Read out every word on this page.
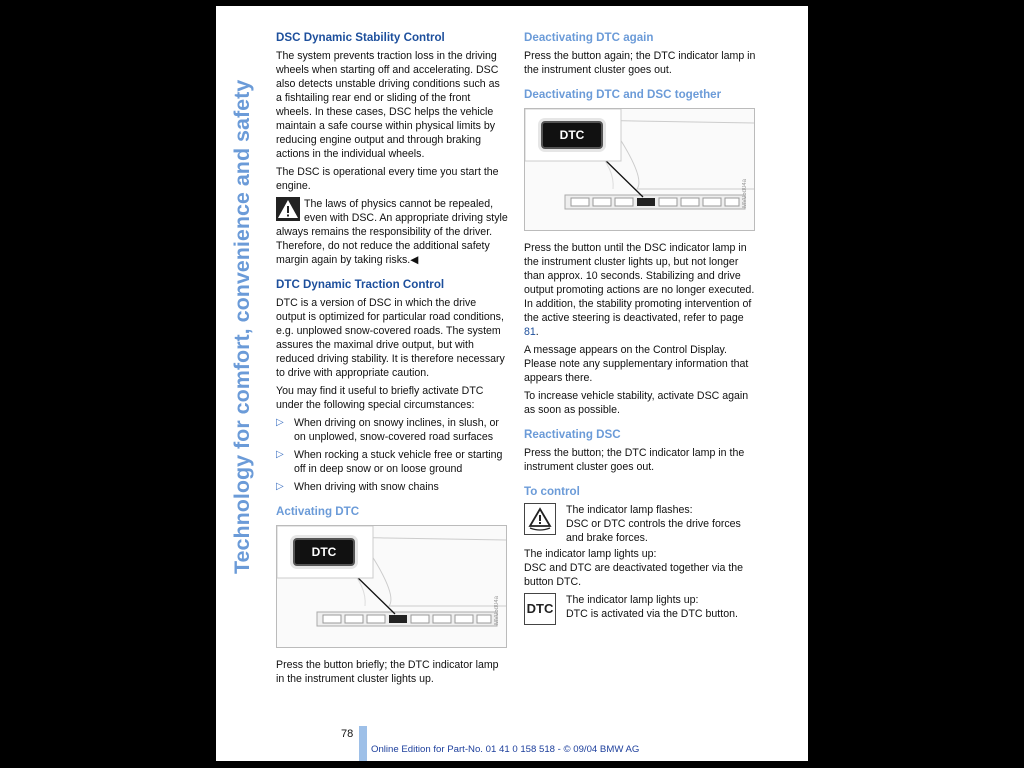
Technology for comfort, convenience and safety
DSC Dynamic Stability Control

The system prevents traction loss in the driving wheels when starting off and accelerating. DSC also detects unstable driving conditions such as a fishtailing rear end or sliding of the front wheels. In these cases, DSC helps the vehicle maintain a safe course within physical limits by reducing engine output and through braking actions in the individual wheels.

The DSC is operational every time you start the engine.

The laws of physics cannot be repealed, even with DSC. An appropriate driving style always remains the responsibility of the driver. Therefore, do not reduce the additional safety margin again by taking risks.◀

DTC Dynamic Traction Control

DTC is a version of DSC in which the drive output is optimized for particular road conditions, e.g. unplowed snow-covered roads. The system assures the maximal drive output, but with reduced driving stability. It is therefore necessary to drive with appropriate caution.

You may find it useful to briefly activate DTC under the following special circumstances:

▷ When driving on snowy inclines, in slush, or on unplowed, snow-covered road surfaces
▷ When rocking a stuck vehicle free or starting off in deep snow or on loose ground
▷ When driving with snow chains
Activating DTC
DTC
MV05d04a

Press the button briefly; the DTC indicator lamp in the instrument cluster lights up.

Deactivating DTC again

Press the button again; the DTC indicator lamp in the instrument cluster goes out.

Deactivating DTC and DSC together
DTC
MV05d04a

Press the button until the DSC indicator lamp in the instrument cluster lights up, but not longer than approx. 10 seconds. Stabilizing and drive output promoting actions are no longer executed. In addition, the stability promoting intervention of the active steering is deactivated, refer to page 81.

A message appears on the Control Display. Please note any supplementary information that appears there.

To increase vehicle stability, activate DSC again as soon as possible.

Reactivating DSC

Press the button; the DTC indicator lamp in the instrument cluster goes out.

To control
The indicator lamp flashes:
DSC or DTC controls the drive forces and brake forces.
The indicator lamp lights up:

DSC and DTC are deactivated together via the button DTC.

DTC
The indicator lamp lights up:
DTC is activated via the DTC button.
78
Online Edition for Part-No. 01 41 0 158 518 - © 09/04 BMW AG
